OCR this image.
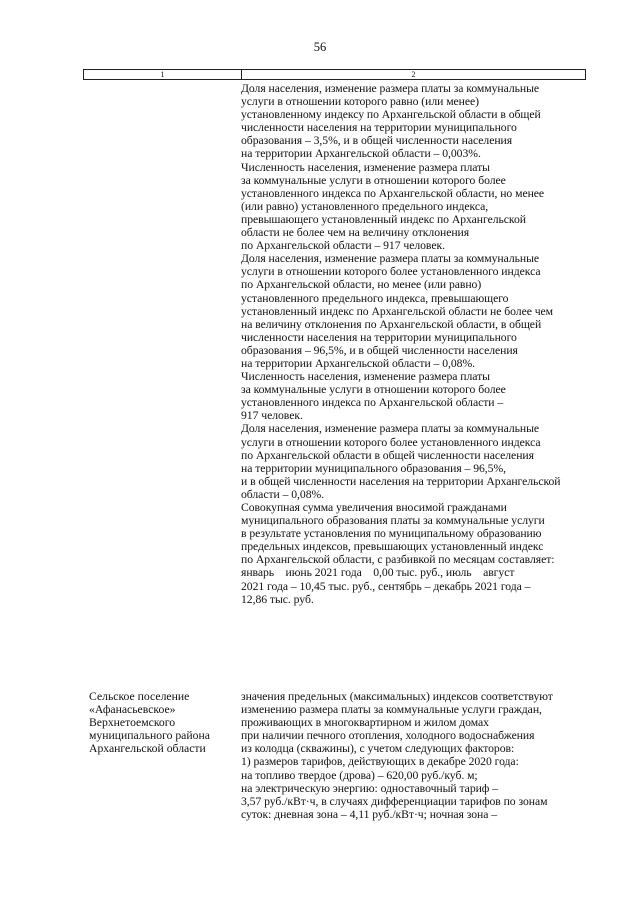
56
1	2
Доля населения, изменение размера платы за коммунальные
услуги в отношении которого равно (или менее)
установленному индексу по Архангельской области в общей
численности населения на территории муниципального
образования – 3,5%, и в общей численности населения
на территории Архангельской области – 0,003%.
Численность населения, изменение размера платы
за коммунальные услуги в отношении которого более
установленного индекса по Архангельской области, но менее
(или равно) установленного предельного индекса,
превышающего установленный индекс по Архангельской
области не более чем на величину отклонения
по Архангельской области – 917 человек.
Доля населения, изменение размера платы за коммунальные
услуги в отношении которого более установленного индекса
по Архангельской области, но менее (или равно)
установленного предельного индекса, превышающего
установленный индекс по Архангельской области не более чем
на величину отклонения по Архангельской области, в общей
численности населения на территории муниципального
образования – 96,5%, и в общей численности населения
на территории Архангельской области – 0,08%.
Численность населения, изменение размера платы
за коммунальные услуги в отношении которого более
установленного индекса по Архангельской области –
917 человек.
Доля населения, изменение размера платы за коммунальные
услуги в отношении которого более установленного индекса
по Архангельской области в общей численности населения
на территории муниципального образования – 96,5%,
и в общей численности населения на территории Архангельской
области – 0,08%.
Совокупная сумма увеличения вносимой гражданами
муниципального образования платы за коммунальные услуги
в результате установления по муниципальному образованию
предельных индексов, превышающих установленный индекс
по Архангельской области, с разбивкой по месяцам составляет:
январь    июнь 2021 года    0,00 тыс. руб., июль    август
2021 года – 10,45 тыс. руб., сентябрь – декабрь 2021 года –
12,86 тыс. руб.
Сельское поселение
«Афанасьевское»
Верхнетоемского
муниципального района
Архангельской области
значения предельных (максимальных) индексов соответствуют
изменению размера платы за коммунальные услуги граждан,
проживающих в многоквартирном и жилом домах
при наличии печного отопления, холодного водоснабжения
из колодца (скважины), с учетом следующих факторов:
1) размеров тарифов, действующих в декабре 2020 года:
на топливо твердое (дрова) – 620,00 руб./куб. м;
на электрическую энергию: одноставочный тариф –
3,57 руб./кВт·ч, в случаях дифференциации тарифов по зонам
суток: дневная зона – 4,11 руб./кВт·ч; ночная зона –
